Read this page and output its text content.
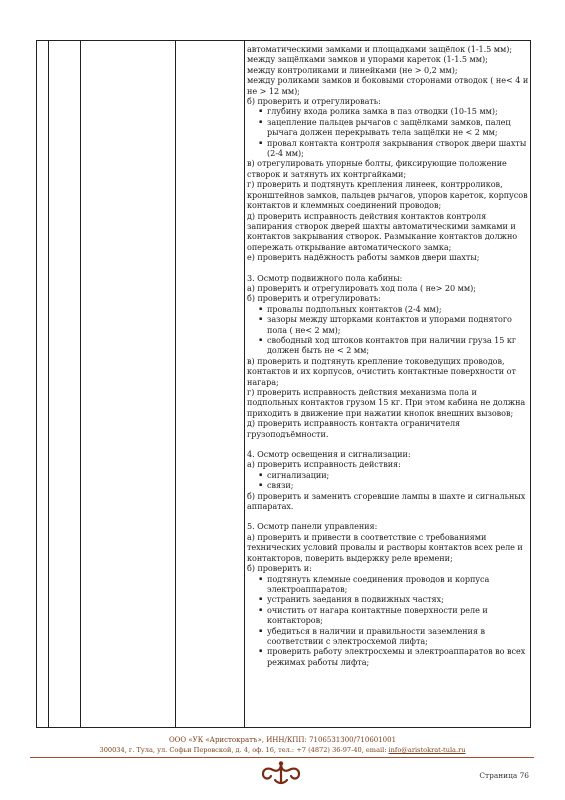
автоматическими замками и площадками защёлок (1-1.5 мм);

между защёлками замков и упорами кареток (1-1.5 мм);

между контроликами и линейками (не > 0,2 мм);

между роликами замков и боковыми сторонами отводок ( не< 4 и

не > 12 мм);

б) проверить и отрегулировать:

▪ глубину входа ролика замка в паз отводки (10-15 мм);
▪ зацепление пальцев рычагов с защёлками замков, палец
рычага должен перекрывать тела защёлки не < 2 мм;
▪ провал контакта контроля закрывания створок двери шахты
(2-4 мм);

в) отрегулировать упорные болты, фиксирующие положение

створок и затянуть их контргайками;

г) проверить и подтянуть крепления линеек, контрроликов,

кронштейнов замков, пальцев рычагов, упоров кареток, корпусов

контактов и клеммных соединений проводов;

д) проверить исправность действия контактов контроля

запирания створок дверей шахты автоматическими замками и

контактов закрывания створок. Размыкание контактов должно

опережать открывание автоматического замка;

е) проверить надёжность работы замков двери шахты;

3. Осмотр подвижного пола кабины:

а) проверить и отрегулировать ход пола ( не> 20 мм);

б) проверить и отрегулировать:

▪ провалы подпольных контактов (2-4 мм);
▪ зазоры между шторками контактов и упорами поднятого
пола ( не< 2 мм);
▪ свободный ход штоков контактов при наличии груза 15 кг
должен быть не < 2 мм;

в) проверить и подтянуть крепление токоведущих проводов,

контактов и их корпусов, очистить контактные поверхности от

нагара;

г) проверить исправность действия механизма пола и

подпольных контактов грузом 15 кг. При этом кабина не должна

приходить в движение при нажатии кнопок внешних вызовов;

д) проверить исправность контакта ограничителя

грузоподъёмности.

4. Осмотр освещения и сигнализации:

а) проверить исправность действия:

▪ сигнализации;
▪ связи;

б) проверить и заменить сгоревшие лампы в шахте и сигнальных

аппаратах.

5. Осмотр панели управления:

а) проверить и привести в соответствие с требованиями

технических условий провалы и растворы контактов всех реле и

контакторов, поверить выдержку реле времени;

б) проверить и:

▪ подтянуть клемные соединения проводов и корпуса
электроаппаратов;
▪ устранить заедания в подвижных частях;
▪ очистить от нагара контактные поверхности реле и
контакторов;
▪ убедиться в наличии и правильности заземления в
соответствии с электросхемой лифта;
▪ проверить работу электросхемы и электроаппаратов во всех
режимах работы лифта;
ООО «УК «Аристократъ», ИНН/КПП: 7106531300/710601001
300034, г. Тула, ул. Софьи Перовской, д. 4, оф. 16, тел.: +7 (4872) 36-97-40, email: info@aristokrat-tula.ru
Страница 76
